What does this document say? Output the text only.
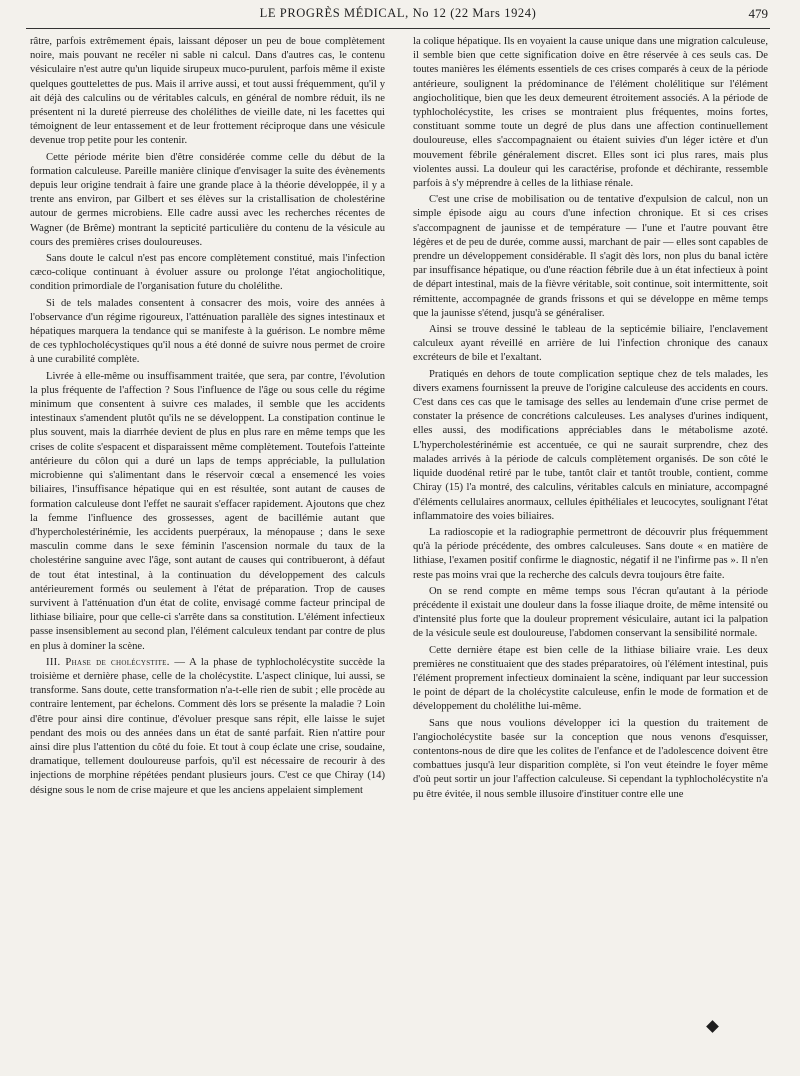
LE PROGRÈS MÉDICAL, No 12 (22 Mars 1924)	479

râtre, parfois extrêmement épais, laissant déposer un peu de boue complètement noire, mais pouvant ne recéler ni sable ni calcul. Dans d'autres cas, le contenu vésiculaire n'est autre qu'un liquide sirupeux muco-purulent, parfois même il existe quelques gouttelettes de pus. Mais il arrive aussi, et tout aussi fréquemment, qu'il y ait déjà des calculins ou de véritables calculs, en général de nombre réduit, ils ne présentent ni la dureté pierreuse des cholélithes de vieille date, ni les facettes qui témoignent de leur entassement et de leur frottement réciproque dans une vésicule devenue trop petite pour les contenir.

Cette période mérite bien d'être considérée comme celle du début de la formation calculeuse. Pareille manière clinique d'envisager la suite des évènements depuis leur origine tendrait à faire une grande place à la théorie développée, il y a trente ans environ, par Gilbert et ses élèves sur la cristallisation de cholestérine autour de germes microbiens. Elle cadre aussi avec les recherches récentes de Wagner (de Brême) montrant la septicité particulière du contenu de la vésicule au cours des premières crises douloureuses.

Sans doute le calcul n'est pas encore complètement constitué, mais l'infection cæco-colique continuant à évoluer assure ou prolonge l'état angiocholitique, condition primordiale de l'organisation future du cholélithe.

Si de tels malades consentent à consacrer des mois, voire des années à l'observance d'un régime rigoureux, l'atténuation parallèle des signes intestinaux et hépatiques marquera la tendance qui se manifeste à la guérison. Le nombre même de ces typhlocholécystiques qu'il nous a été donné de suivre nous permet de croire à une curabilité complète.

Livrée à elle-même ou insuffisamment traitée, que sera, par contre, l'évolution la plus fréquente de l'affection ? Sous l'influence de l'âge ou sous celle du régime minimum que consentent à suivre ces malades, il semble que les accidents intestinaux s'amendent plutôt qu'ils ne se développent. La constipation continue le plus souvent, mais la diarrhée devient de plus en plus rare en même temps que les crises de colite s'espacent et disparaissent même complètement. Toutefois l'atteinte antérieure du côlon qui a duré un laps de temps appréciable, la pullulation microbienne qui s'alimentant dans le réservoir cœcal a ensemencé les voies biliaires, l'insuffisance hépatique qui en est résultée, sont autant de causes de formation calculeuse dont l'effet ne saurait s'effacer rapidement. Ajoutons que chez la femme l'influence des grossesses, agent de bacillémie autant que d'hypercholestérinémie, les accidents puerpéraux, la ménopause ; dans le sexe masculin comme dans le sexe féminin l'ascension normale du taux de la cholestérine sanguine avec l'âge, sont autant de causes qui contribueront, à défaut de tout état intestinal, à la continuation du développement des calculs antérieurement formés ou seulement à l'état de préparation. Trop de causes survivent à l'atténuation d'un état de colite, envisagé comme facteur principal de lithiase biliaire, pour que celle-ci s'arrête dans sa constitution. L'élément infectieux passe insensiblement au second plan, l'élément calculeux tendant par contre de plus en plus à dominer la scène.

III. Phase de cholécystite. — A la phase de typhlocholécystite succède la troisième et dernière phase, celle de la cholécystite. L'aspect clinique, lui aussi, se transforme. Sans doute, cette transformation n'a-t-elle rien de subit ; elle procède au contraire lentement, par échelons. Comment dès lors se présente la maladie ? Loin d'être pour ainsi dire continue, d'évoluer presque sans répit, elle laisse le sujet pendant des mois ou des années dans un état de santé parfait. Rien n'attire pour ainsi dire plus l'attention du côté du foie. Et tout à coup éclate une crise, soudaine, dramatique, tellement douloureuse parfois, qu'il est nécessaire de recourir à des injections de morphine répétées pendant plusieurs jours. C'est ce que Chiray (14) désigne sous le nom de crise majeure et que les anciens appelaient simplement

la colique hépatique. Ils en voyaient la cause unique dans une migration calculeuse, il semble bien que cette signification doive en être réservée à ces seuls cas. De toutes manières les éléments essentiels de ces crises comparés à ceux de la période antérieure, soulignent la prédominance de l'élément cholélitique sur l'élément angiocholitique, bien que les deux demeurent étroitement associés. A la période de typhlocholécystite, les crises se montraient plus fréquentes, moins fortes, constituant somme toute un degré de plus dans une affection continuellement douloureuse, elles s'accompagnaient ou étaient suivies d'un léger ictère et d'un mouvement fébrile généralement discret. Elles sont ici plus rares, mais plus violentes aussi. La douleur qui les caractérise, profonde et déchirante, ressemble parfois à s'y méprendre à celles de la lithiase rénale.

C'est une crise de mobilisation ou de tentative d'expulsion de calcul, non un simple épisode aigu au cours d'une infection chronique. Et si ces crises s'accompagnent de jaunisse et de température — l'une et l'autre pouvant être légères et de peu de durée, comme aussi, marchant de pair — elles sont capables de prendre un développement considérable. Il s'agit dès lors, non plus du banal ictère par insuffisance hépatique, ou d'une réaction fébrile due à un état infectieux à point de départ intestinal, mais de la fièvre véritable, soit continue, soit intermittente, soit rémittente, accompagnée de grands frissons et qui se développe en même temps que la jaunisse s'étend, jusqu'à se généraliser.

Ainsi se trouve dessiné le tableau de la septicémie biliaire, l'enclavement calculeux ayant réveillé en arrière de lui l'infection chronique des canaux excréteurs de bile et l'exaltant.

Pratiqués en dehors de toute complication septique chez de tels malades, les divers examens fournissent la preuve de l'origine calculeuse des accidents en cours. C'est dans ces cas que le tamisage des selles au lendemain d'une crise permet de constater la présence de concrétions calculeuses. Les analyses d'urines indiquent, elles aussi, des modifications appréciables dans le métabolisme azoté. L'hypercholestérinémie est accentuée, ce qui ne saurait surprendre, chez des malades arrivés à la période de calculs complètement organisés. De son côté le liquide duodénal retiré par le tube, tantôt clair et tantôt trouble, contient, comme Chiray (15) l'a montré, des calculins, véritables calculs en miniature, accompagné d'éléments cellulaires anormaux, cellules épithéliales et leucocytes, soulignant l'état inflammatoire des voies biliaires.

La radioscopie et la radiographie permettront de découvrir plus fréquemment qu'à la période précédente, des ombres calculeuses. Sans doute « en matière de lithiase, l'examen positif confirme le diagnostic, négatif il ne l'infirme pas ». Il n'en reste pas moins vrai que la recherche des calculs devra toujours être faite.

On se rend compte en même temps sous l'écran qu'autant à la période précédente il existait une douleur dans la fosse iliaque droite, de même intensité ou d'intensité plus forte que la douleur proprement vésiculaire, autant ici la palpation de la vésicule seule est douloureuse, l'abdomen conservant la sensibilité normale.

Cette dernière étape est bien celle de la lithiase biliaire vraie. Les deux premières ne constituaient que des stades préparatoires, où l'élément intestinal, puis l'élément proprement infectieux dominaient la scène, indiquant par leur succession le point de départ de la cholécystite calculeuse, enfin le mode de formation et de développement du cholélithe lui-même.

Sans que nous voulions développer ici la question du traitement de l'angiocholécystite basée sur la conception que nous venons d'esquisser, contentons-nous de dire que les colites de l'enfance et de l'adolescence doivent être combattues jusqu'à leur disparition complète, si l'on veut éteindre le foyer même d'où peut sortir un jour l'affection calculeuse. Si cependant la typhlocholécystite n'a pu être évitée, il nous semble illusoire d'instituer contre elle une
